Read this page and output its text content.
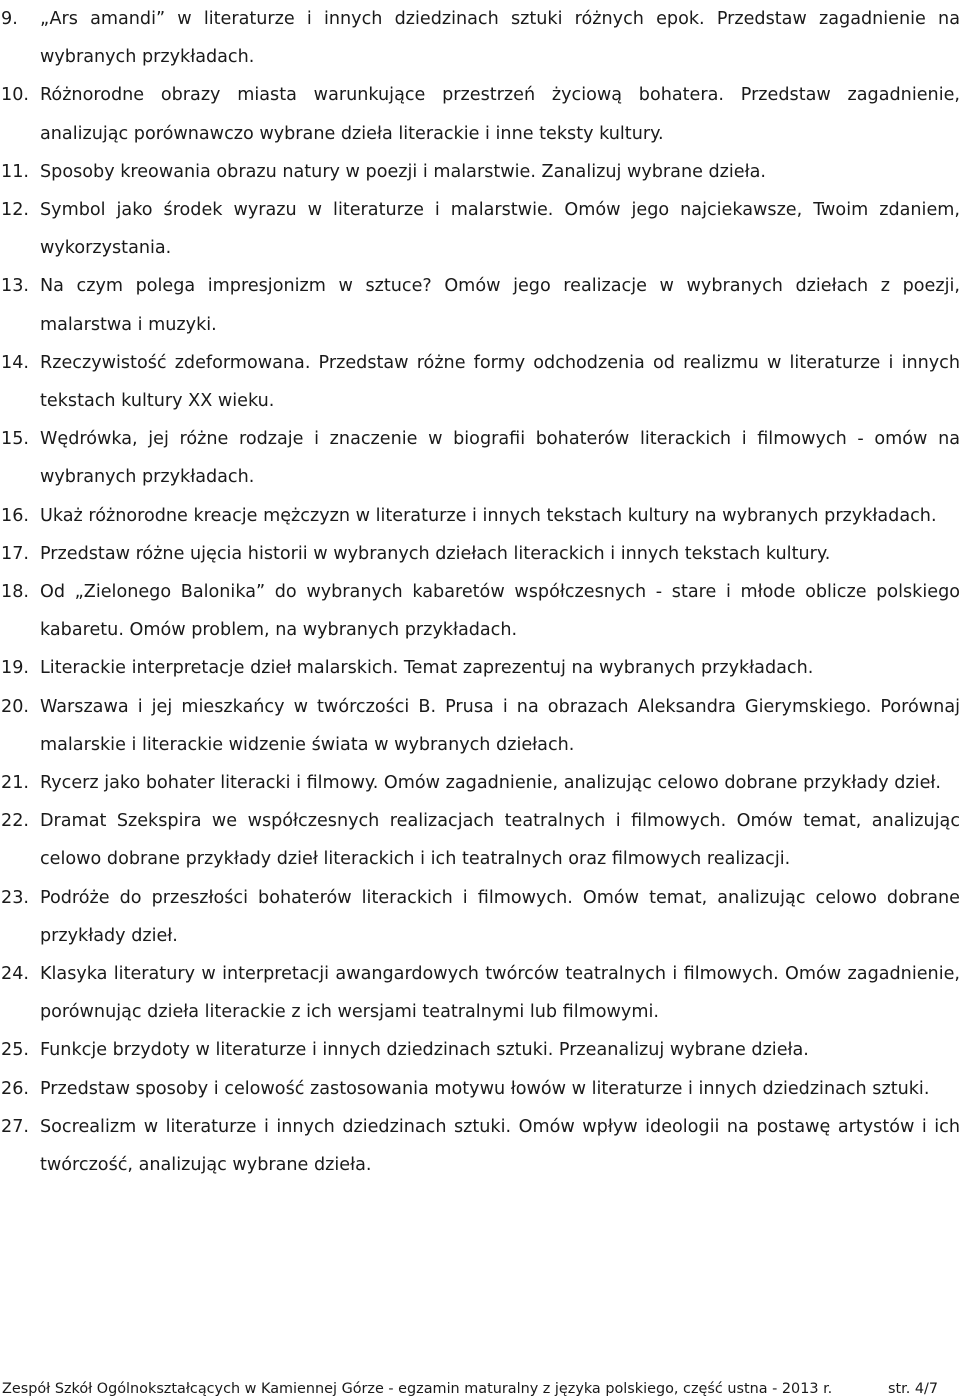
9.	„Ars amandi” w literaturze i innych dziedzinach sztuki różnych epok. Przedstaw zagadnienie na wybranych przykładach.
10. Różnorodne obrazy miasta warunkujące przestrzeń życiową bohatera. Przedstaw zagadnienie, analizując porównawczo wybrane dzieła literackie i inne teksty kultury.
11. Sposoby kreowania obrazu natury w poezji i malarstwie. Zanalizuj wybrane dzieła.
12. Symbol jako środek wyrazu w literaturze i malarstwie. Omów jego najciekawsze, Twoim zdaniem, wykorzystania.
13. Na czym polega impresjonizm w sztuce? Omów jego realizacje w wybranych dziełach z poezji, malarstwa i muzyki.
14. Rzeczywistość zdeformowana. Przedstaw różne formy odchodzenia od realizmu w literaturze i innych tekstach kultury XX wieku.
15. Wędrówka, jej różne rodzaje i znaczenie w biografii bohaterów literackich i filmowych - omów na wybranych przykładach.
16. Ukaż różnorodne kreacje mężczyzn w literaturze i innych tekstach kultury na wybranych przykładach.
17. Przedstaw różne ujęcia historii w wybranych dziełach literackich i innych tekstach kultury.
18. Od „Zielonego Balonika” do wybranych kabaretów współczesnych - stare i młode oblicze polskiego kabaretu. Omów problem, na wybranych przykładach.
19. Literackie interpretacje dzieł malarskich. Temat zaprezentuj na wybranych przykładach.
20. Warszawa i jej mieszkańcy w twórczości B. Prusa i na obrazach Aleksandra Gierymskiego. Porównaj malarskie i literackie widzenie świata w wybranych dziełach.
21. Rycerz jako bohater literacki i filmowy. Omów zagadnienie, analizując celowo dobrane przykłady dzieł.
22. Dramat Szekspira we współczesnych realizacjach teatralnych i filmowych. Omów temat, analizując celowo dobrane przykłady dzieł literackich i ich teatralnych oraz filmowych realizacji.
23. Podróże do przeszłości bohaterów literackich i filmowych. Omów temat, analizując celowo dobrane przykłady dzieł.
24. Klasyka literatury w interpretacji awangardowych twórców teatralnych i filmowych. Omów zagadnienie, porównując dzieła literackie z ich wersjami teatralnymi lub filmowymi.
25. Funkcje brzydoty w literaturze i innych dziedzinach sztuki. Przeanalizuj wybrane dzieła.
26. Przedstaw sposoby i celowość zastosowania motywu łowów w literaturze i innych dziedzinach sztuki.
27. Socrealizm w literaturze i innych dziedzinach sztuki. Omów wpływ ideologii na postawę artystów i ich twórczość, analizując wybrane dzieła.
Zespół Szkół Ogólnokształcących w Kamiennej Górze - egzamin maturalny z języka polskiego, część ustna - 2013 r.	str. 4/7
